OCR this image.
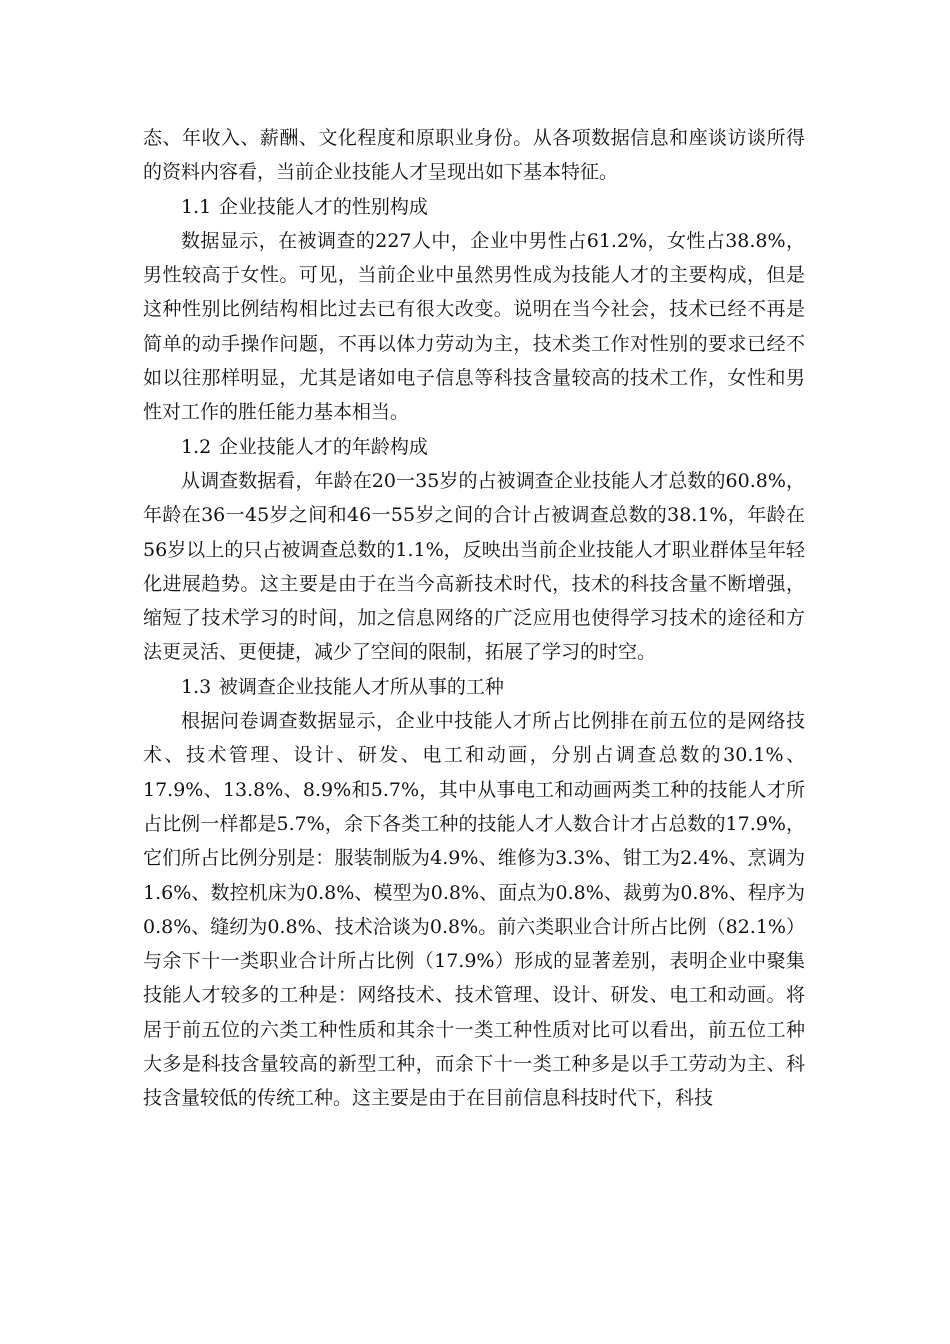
态、年收入、薪酬、文化程度和原职业身份。从各项数据信息和座谈访谈所得的资料内容看，当前企业技能人才呈现出如下基本特征。

1.1 企业技能人才的性别构成

数据显示，在被调查的227人中，企业中男性占61.2%，女性占38.8%，男性较高于女性。可见，当前企业中虽然男性成为技能人才的主要构成，但是这种性别比例结构相比过去已有很大改变。说明在当今社会，技术已经不再是简单的动手操作问题，不再以体力劳动为主，技术类工作对性别的要求已经不如以往那样明显，尤其是诸如电子信息等科技含量较高的技术工作，女性和男性对工作的胜任能力基本相当。

1.2 企业技能人才的年龄构成

从调查数据看，年龄在20一35岁的占被调查企业技能人才总数的60.8%，年龄在36一45岁之间和46一55岁之间的合计占被调查总数的38.1%，年龄在56岁以上的只占被调查总数的1.1%，反映出当前企业技能人才职业群体呈年轻化进展趋势。这主要是由于在当今高新技术时代，技术的科技含量不断增强，缩短了技术学习的时间，加之信息网络的广泛应用也使得学习技术的途径和方法更灵活、更便捷，减少了空间的限制，拓展了学习的时空。

1.3 被调查企业技能人才所从事的工种

根据问卷调查数据显示，企业中技能人才所占比例排在前五位的是网络技术、技术管理、设计、研发、电工和动画，分别占调查总数的30.1%、17.9%、13.8%、8.9%和5.7%，其中从事电工和动画两类工种的技能人才所占比例一样都是5.7%，余下各类工种的技能人才人数合计才占总数的17.9%，它们所占比例分别是：服装制版为4.9%、维修为3.3%、钳工为2.4%、烹调为1.6%、数控机床为0.8%、模型为0.8%、面点为0.8%、裁剪为0.8%、程序为0.8%、缝纫为0.8%、技术洽谈为0.8%。前六类职业合计所占比例（82.1%）与余下十一类职业合计所占比例（17.9%）形成的显著差别，表明企业中聚集技能人才较多的工种是：网络技术、技术管理、设计、研发、电工和动画。将居于前五位的六类工种性质和其余十一类工种性质对比可以看出，前五位工种大多是科技含量较高的新型工种，而余下十一类工种多是以手工劳动为主、科技含量较低的传统工种。这主要是由于在目前信息科技时代下，科技
